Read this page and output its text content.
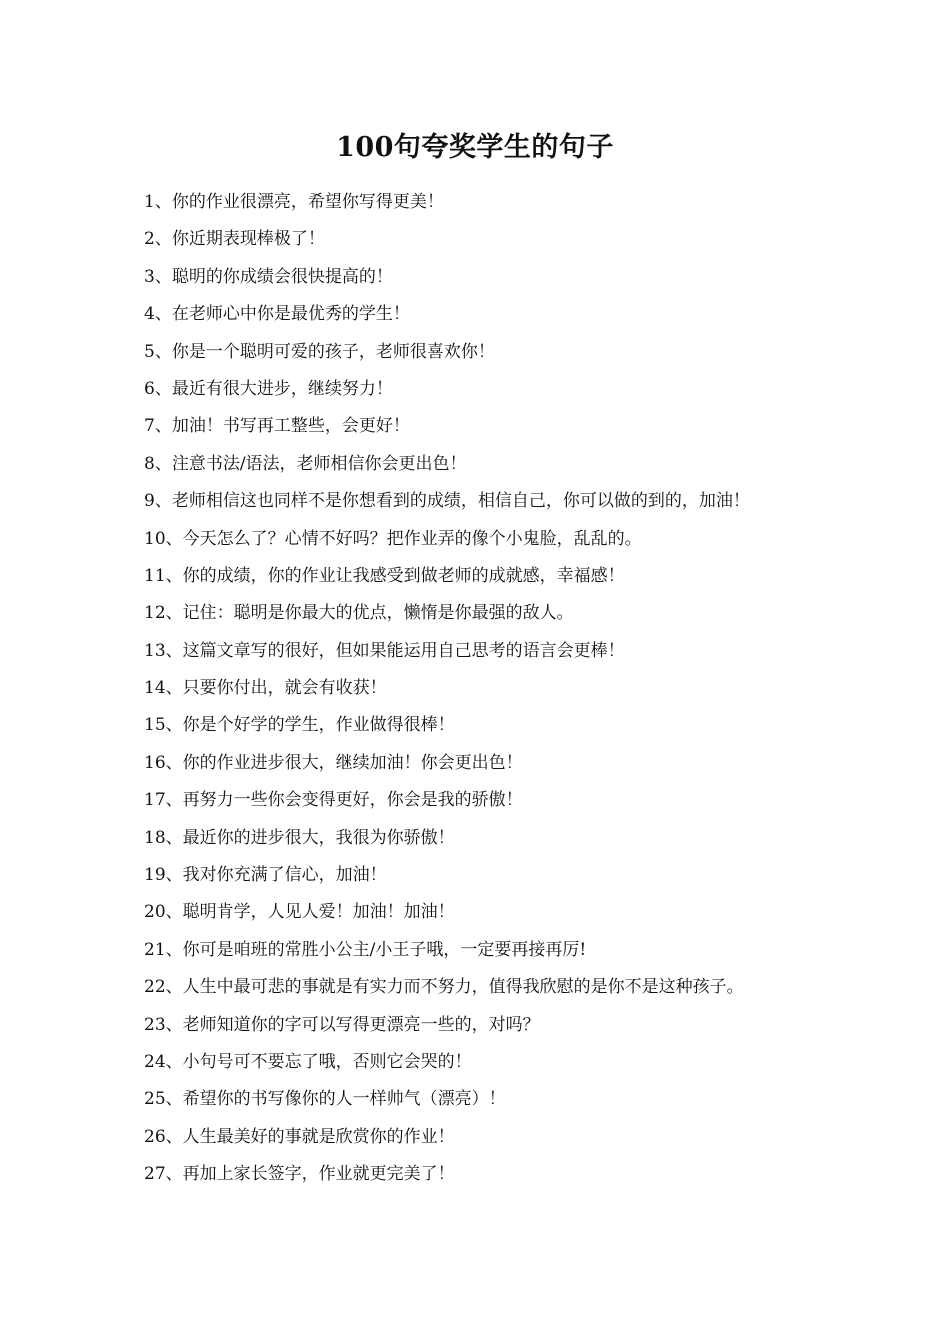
100句夸奖学生的句子
1、你的作业很漂亮，希望你写得更美！
2、你近期表现棒极了！
3、聪明的你成绩会很快提高的！
4、在老师心中你是最优秀的学生！
5、你是一个聪明可爱的孩子，老师很喜欢你！
6、最近有很大进步，继续努力！
7、加油！书写再工整些，会更好！
8、注意书法/语法，老师相信你会更出色！
9、老师相信这也同样不是你想看到的成绩，相信自己，你可以做的到的，加油！
10、今天怎么了？心情不好吗？把作业弄的像个小鬼脸，乱乱的。
11、你的成绩，你的作业让我感受到做老师的成就感，幸福感！
12、记住：聪明是你最大的优点，懒惰是你最强的敌人。
13、这篇文章写的很好，但如果能运用自己思考的语言会更棒！
14、只要你付出，就会有收获！
15、你是个好学的学生，作业做得很棒！
16、你的作业进步很大，继续加油！你会更出色！
17、再努力一些你会变得更好，你会是我的骄傲！
18、最近你的进步很大，我很为你骄傲！
19、我对你充满了信心，加油！
20、聪明肯学，人见人爱！加油！加油！
21、你可是咱班的常胜小公主/小王子哦，一定要再接再厉!
22、人生中最可悲的事就是有实力而不努力，值得我欣慰的是你不是这种孩子。
23、老师知道你的字可以写得更漂亮一些的，对吗？
24、小句号可不要忘了哦，否则它会哭的！
25、希望你的书写像你的人一样帅气（漂亮）！
26、人生最美好的事就是欣赏你的作业！
27、再加上家长签字，作业就更完美了！
